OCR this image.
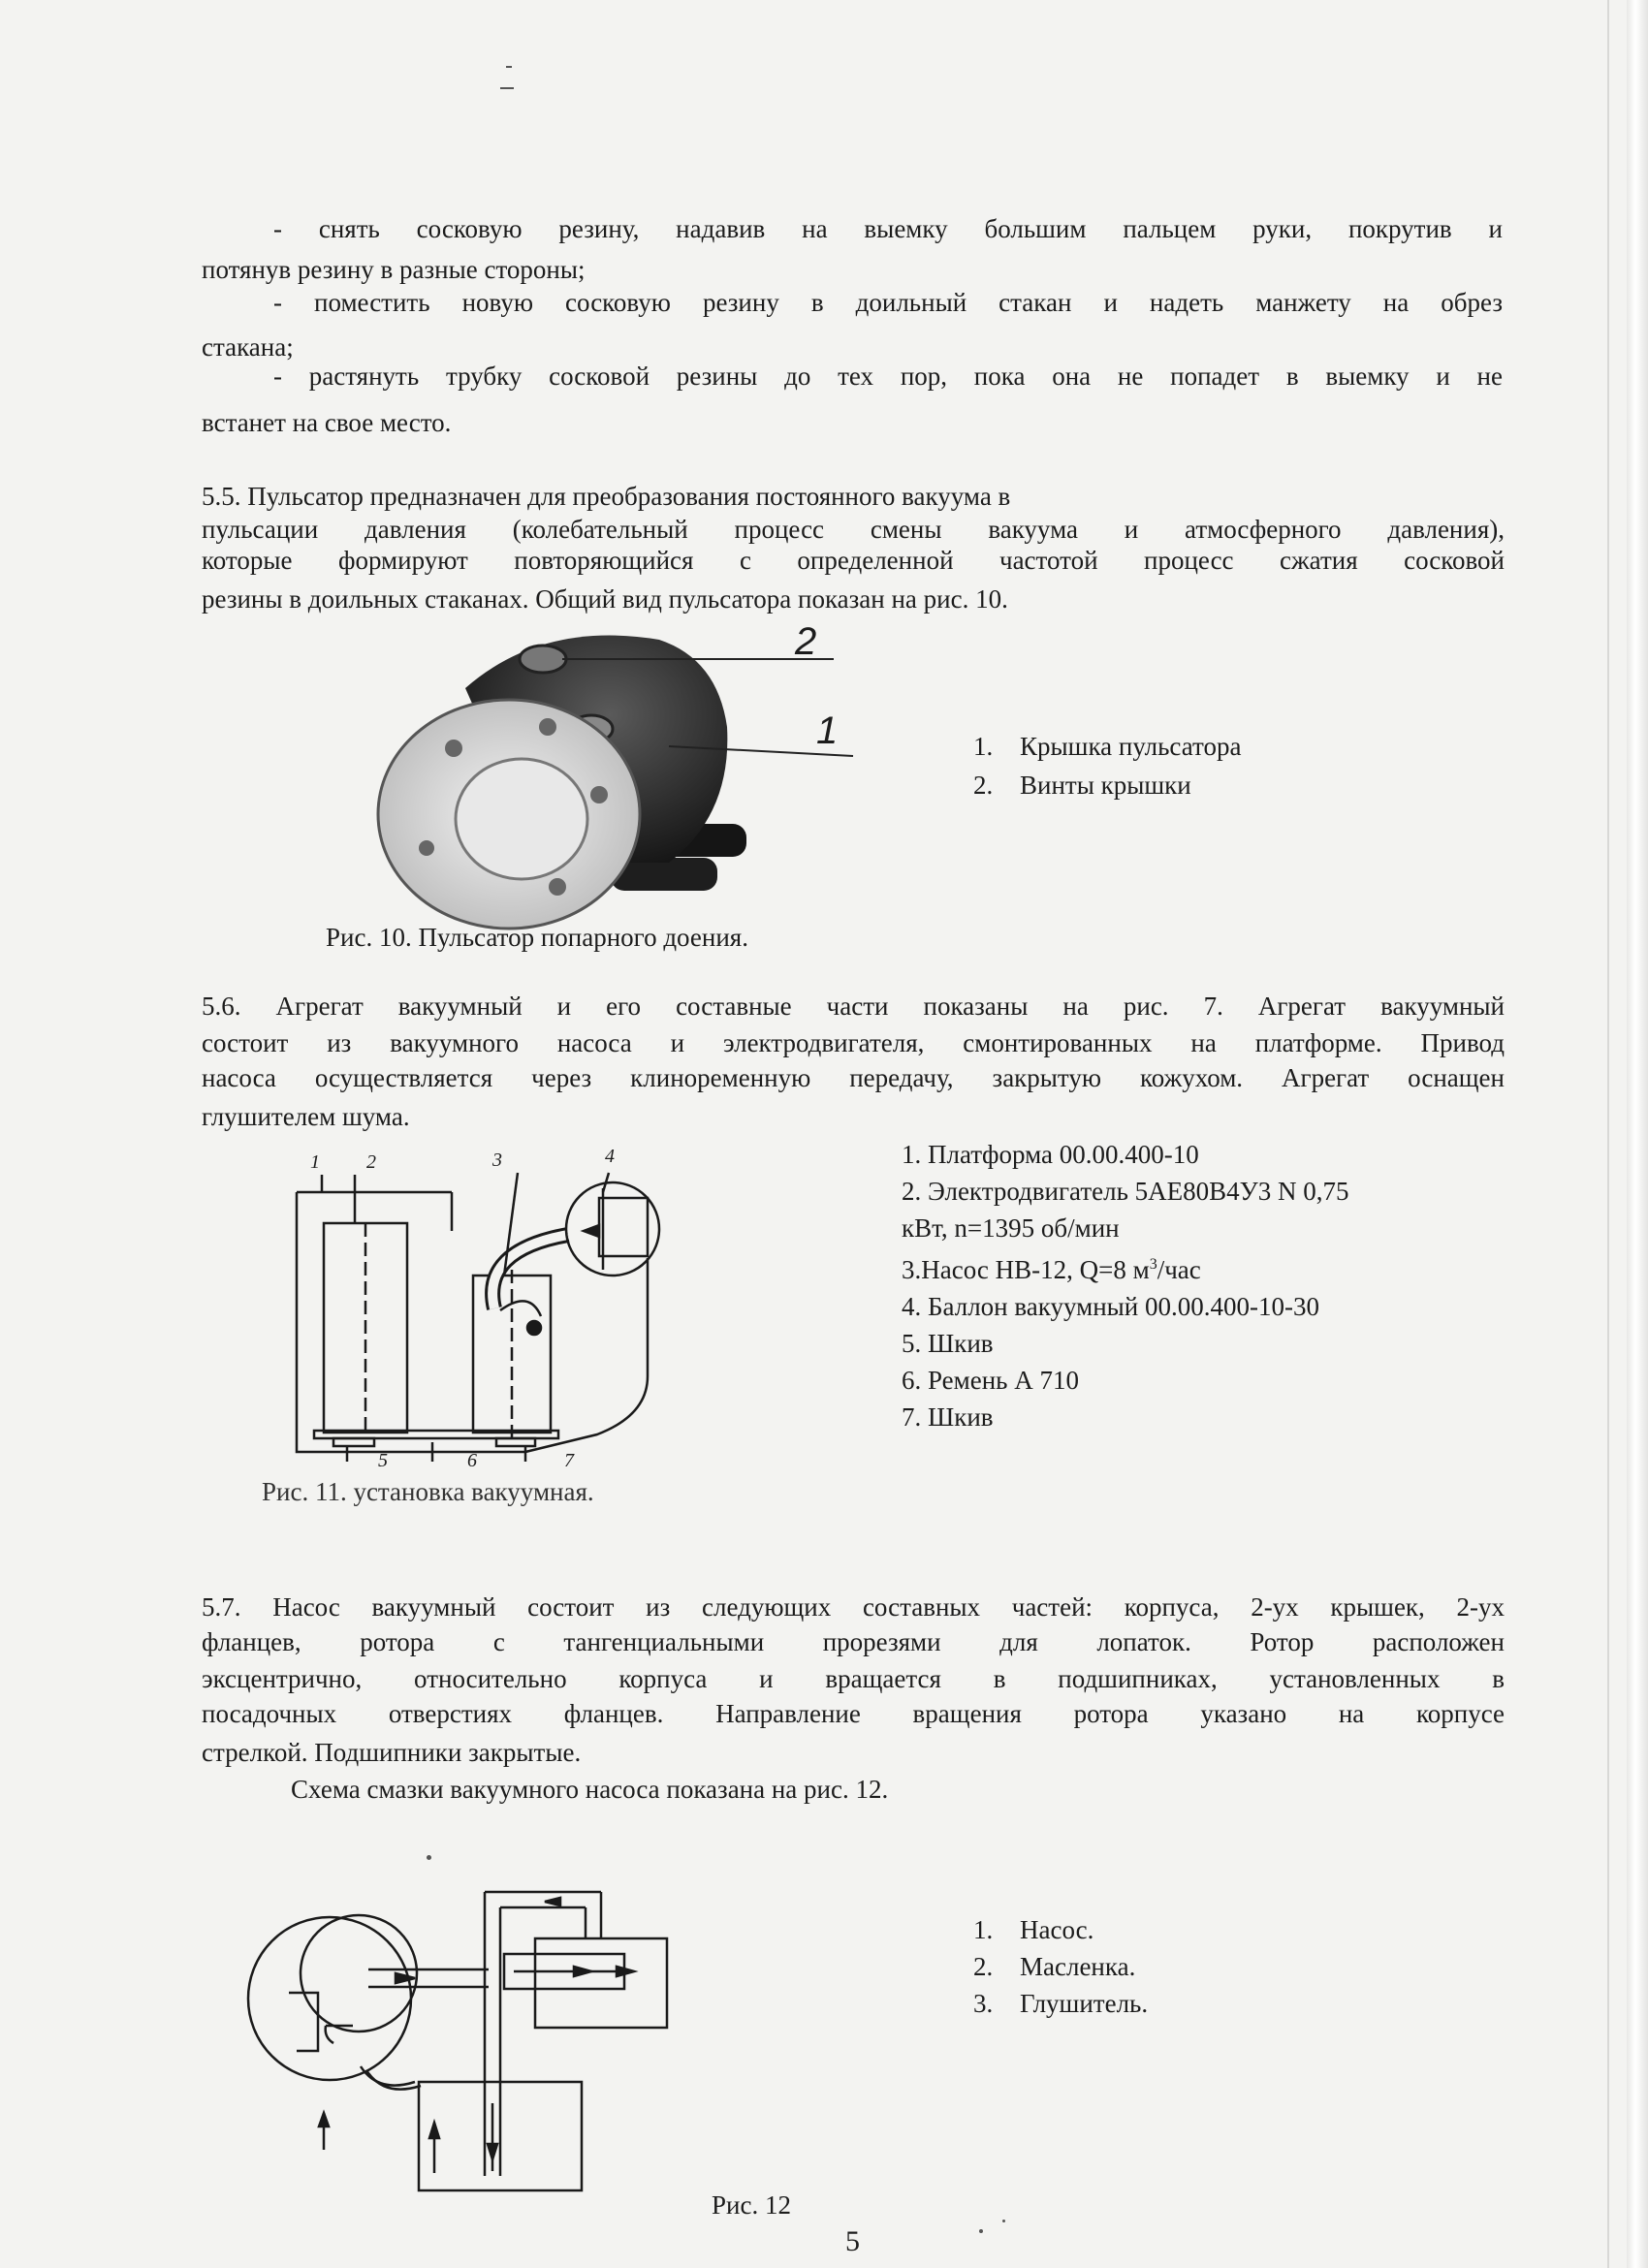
- снять сосковую резину, надавив на выемку большим пальцем руки, покрутив и
потянув резину в разные стороны;
- поместить новую сосковую резину в доильный стакан и надеть манжету на обрез
стакана;
- растянуть трубку сосковой резины до тех пор, пока она не попадет в выемку и не
встанет на свое место.
5.5. Пульсатор предназначен для преобразования постоянного вакуума в
пульсации давления (колебательный процесс смены вакуума и атмосферного давления),
которые формируют повторяющийся с определенной частотой процесс сжатия сосковой
резины в доильных стаканах. Общий вид пульсатора показан на рис. 10.
2
1	1. Крышка пульсатора
2. Винты крышки
Рис. 10. Пульсатор попарного доения.
5.6. Агрегат вакуумный и его составные части показаны на рис. 7. Агрегат вакуумный
состоит из вакуумного насоса и электродвигателя, смонтированных на платформе. Привод
насоса осуществляется через клиноременную передачу, закрытую кожухом. Агрегат оснащен
глушителем шума.
1 2	3	4
5	6	7
1. Платформа 00.00.400-10
2. Электродвигатель 5АЕ80В4У3 N 0,75
кВт, n=1395 об/мин
3.Насос НВ-12, Q=8 $м^3$/час
4. Баллон вакуумный 00.00.400-10-30
5. Шкив
6. Ремень А 710
7. Шкив
Рис. 11. установка вакуумная.
5.7. Насос вакуумный состоит из следующих составных частей: корпуса, 2-ух крышек, 2-ух
фланцев, ротора с тангенциальными прорезями для лопаток. Ротор расположен
эксцентрично, относительно корпуса и вращается в подшипниках, установленных в
посадочных отверстиях фланцев. Направление вращения ротора указано на корпусе
стрелкой. Подшипники закрытые.
Схема смазки вакуумного насоса показана на рис. 12.
1. Насос.
2. Масленка.
3. Глушитель.
Рис. 12
5
